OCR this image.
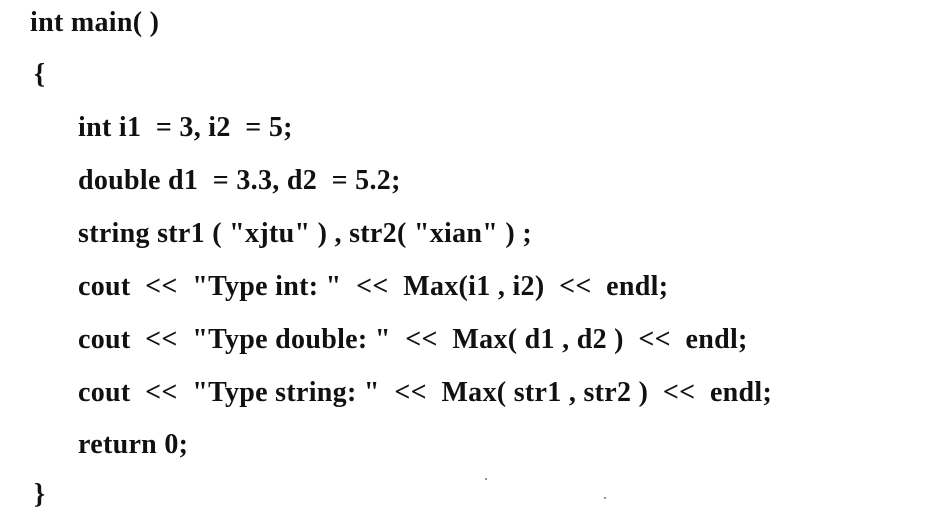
int main( )
{
int i1  = 3, i2  = 5;
double d1  = 3.3, d2  = 5.2;
string str1 ( "xjtu" ) , str2( "xian" ) ;
cout  <<  "Type int: "  <<  Max(i1 , i2)  <<  endl;
cout  <<  "Type double: "  <<  Max( d1 , d2 )  <<  endl;
cout  <<  "Type string: "  <<  Max( str1 , str2 )  <<  endl;
return 0;
}
